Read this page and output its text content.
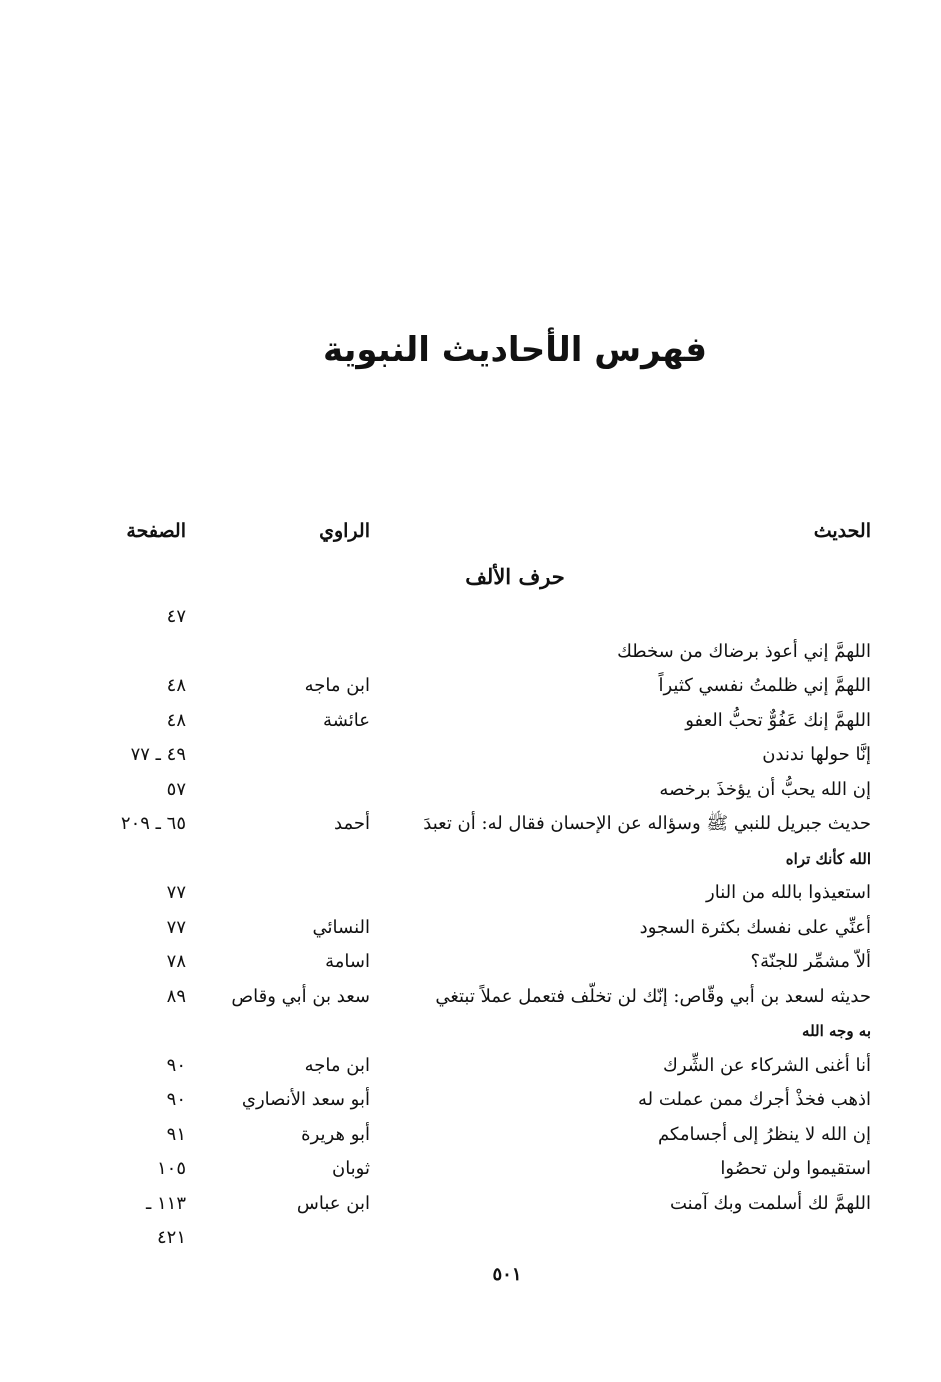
فهرس الأحاديث النبوية
الحديث
الراوي
الصفحة
حرف الألف
٤٧
اللهمَّ إني أعوذ برضاك من سخطك
اللهمَّ إني ظلمتُ نفسي كثيراً
ابن ماجه
٤٨
اللهمَّ إنك عَفُوٌّ تحبُّ العفو
عائشة
٤٨
إنَّا حولها ندندن
٤٩ ـ ٧٧
إن الله يحبُّ أن يؤخذَ برخصه
٥٧
حديث جبريل للنبي ﷺ وسؤاله عن الإحسان فقال له: أن تعبدَ
أحمد
٦٥ ـ ٢٠٩
الله كأنك تراه
استعيذوا بالله من النار
٧٧
أعنِّي على نفسك بكثرة السجود
النسائي
٧٧
ألاّ مشمِّر للجنّة؟
اسامة
٧٨
حديثه لسعد بن أبي وقّاص: إنّك لن تخلّف فتعمل عملاً تبتغي
سعد بن أبي وقاص
٨٩
به وجه الله
أنا أغنى الشركاء عن الشِّرك
ابن ماجه
٩٠
اذهب فخذْ أجرك ممن عملت له
أبو سعد الأنصاري
٩٠
إن الله لا ينظرُ إلى أجسامكم
أبو هريرة
٩١
استقيموا ولن تحصُوا
ثوبان
١٠٥
اللهمَّ لك أسلمت وبك آمنت
ابن عباس
١١٣ ـ
٤٢١
٥٠١
